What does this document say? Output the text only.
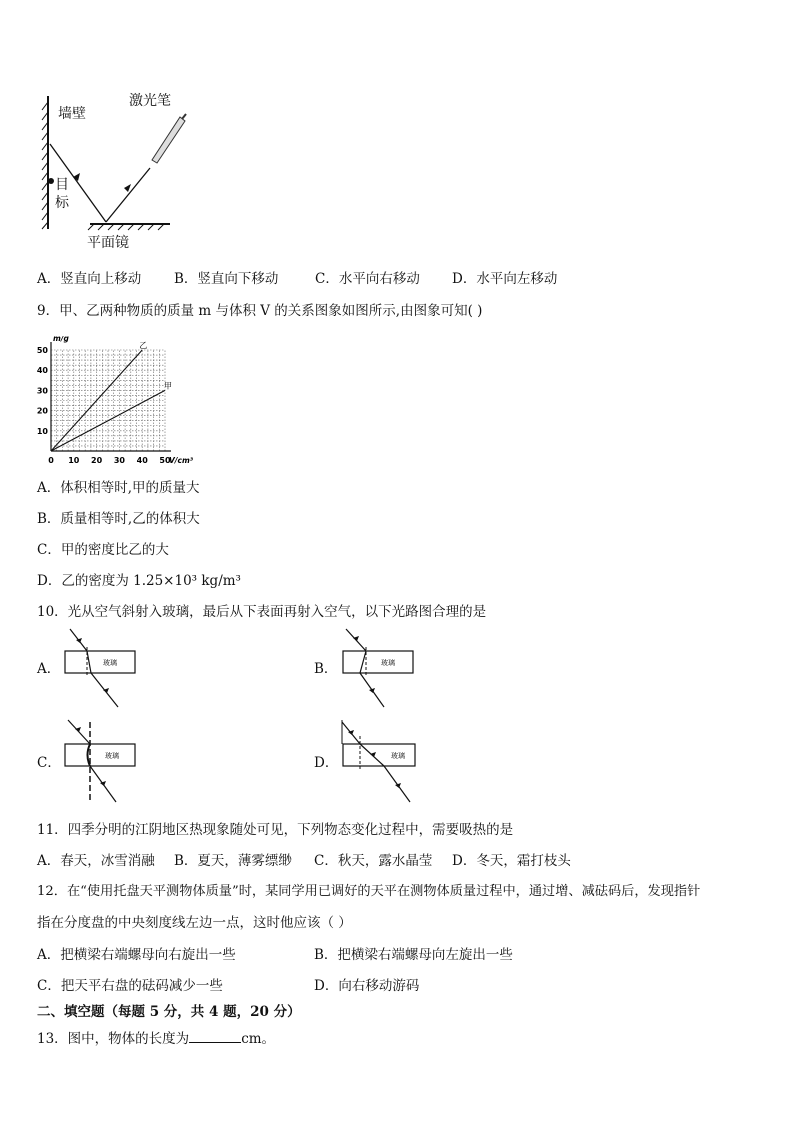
墙壁
激光笔
目
标
平面镜
A．竖直向上移动 B．竖直向下移动	C．水平向右移动 D．水平向左移动
9．甲、乙两种物质的质量 m 与体积 V 的关系图象如图所示,由图象可知( )
m/g
V/cm³
乙
甲
0 10 20 30 40 50
10
20
30
40
50
A．体积相等时,甲的质量大
B．质量相等时,乙的体积大
C．甲的密度比乙的大
D．乙的密度为 1.25×10³ kg/m³
10．光从空气斜射入玻璃，最后从下表面再射入空气，以下光路图合理的是
A．	玻璃	B．	玻璃
C．	玻璃	D．	玻璃
11．四季分明的江阴地区热现象随处可见，下列物态变化过程中，需要吸热的是
A．春天，冰雪消融 B．夏天，薄雾缥缈 C．秋天，露水晶莹 D．冬天，霜打枝头
12．在“使用托盘天平测物体质量”时，某同学用已调好的天平在测物体质量过程中，通过增、减砝码后，发现指针
指在分度盘的中央刻度线左边一点，这时他应该（ ）
A．把横梁右端螺母向右旋出一些	B．把横梁右端螺母向左旋出一些
C．把天平右盘的砝码减少一些	D．向右移动游码
二、填空题（每题 5 分，共 4 题，20 分）
13．图中，物体的长度为	cm。
